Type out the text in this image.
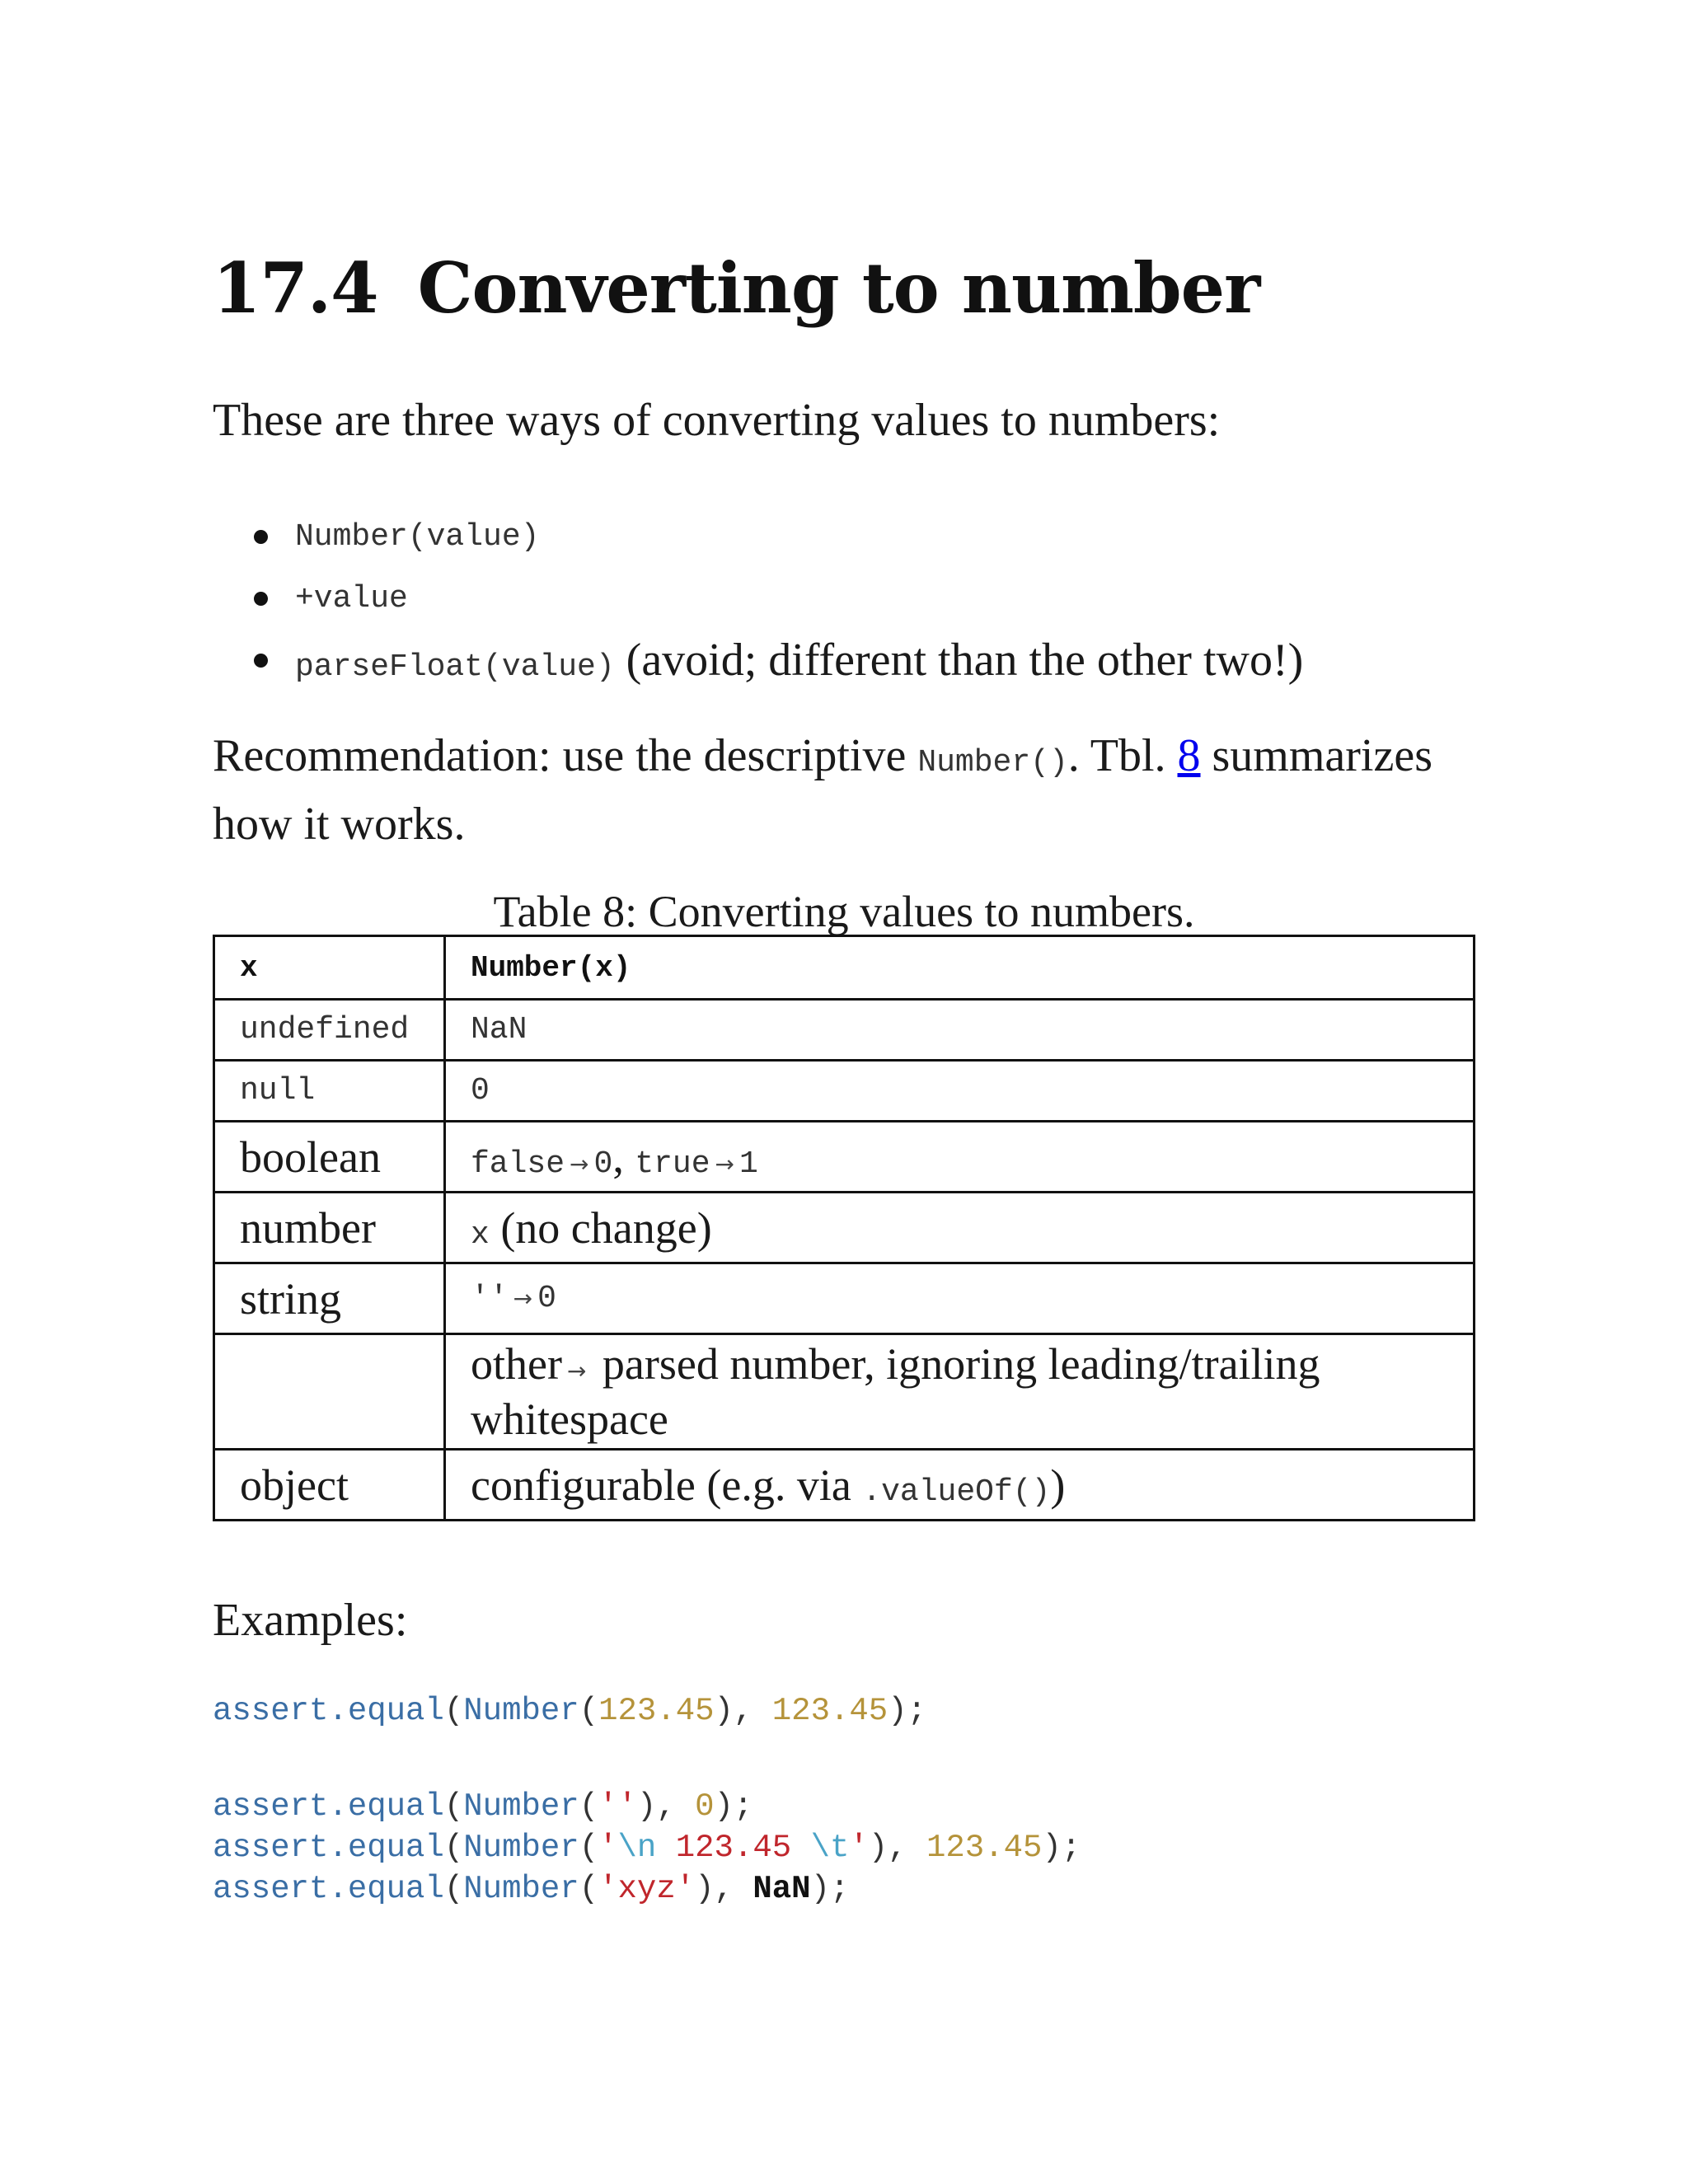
17.4 Converting to number

These are three ways of converting values to numbers:

Number(value)
+value
parseFloat(value) (avoid; different than the other two!)

Recommendation: use the descriptive Number(). Tbl. 8 summarizes how it works.

Table 8: Converting values to numbers.

x	Number(x)
undefined	NaN
null	0
boolean	false → 0, true → 1
number	x (no change)
string	'' → 0
	other → parsed number, ignoring leading/trailing whitespace
object	configurable (e.g. via .valueOf())

Examples:

assert.equal(Number(123.45), 123.45);
assert.equal(Number(''), 0);
assert.equal(Number('\n 123.45 \t'), 123.45);
assert.equal(Number('xyz'), NaN);
